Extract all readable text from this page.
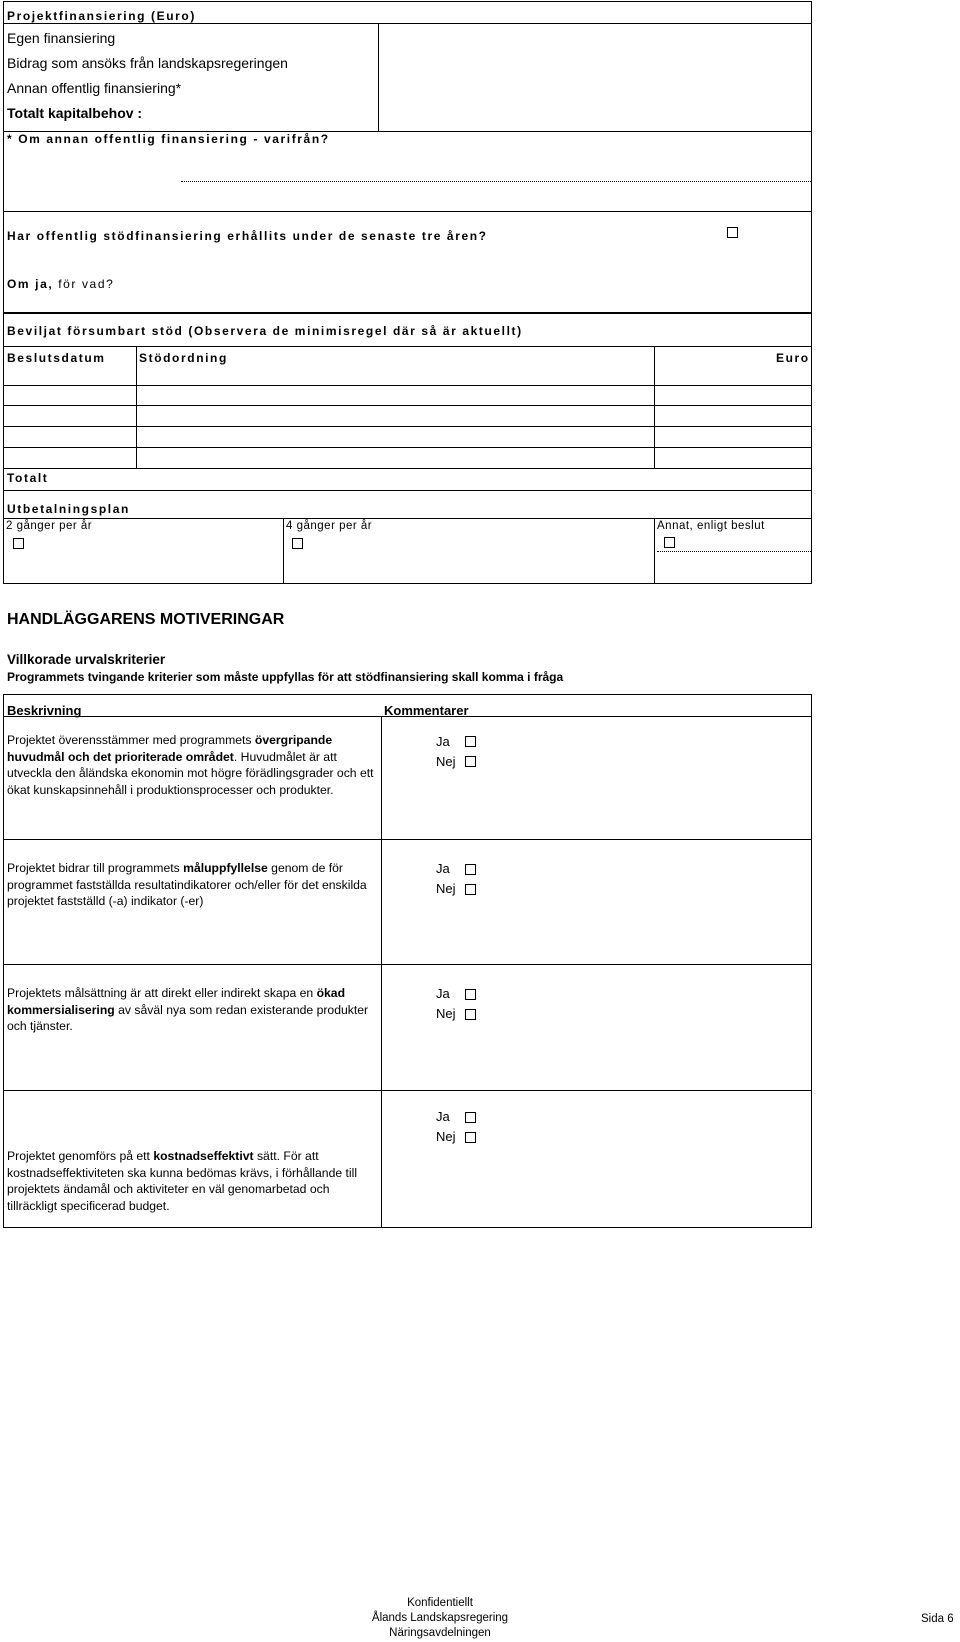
Projektfinansiering (Euro)
Egen finansiering
Bidrag som ansöks från landskapsregeringen
Annan offentlig finansiering*
Totalt kapitalbehov :
* Om annan offentlig finansiering - varifrån?
Har offentlig stödfinansiering erhållits under de senaste tre åren?
Om ja, för vad?
Beviljat försumbart stöd (Observera de minimisregel där så är aktuellt)
Beslutsdatum	Stödordning	Euro
Totalt
Utbetalningsplan
2 gånger per år	4 gånger per år	Annat, enligt beslut
HANDLÄGGARENS MOTIVERINGAR
Villkorade urvalskriterier
Programmets tvingande kriterier som måste uppfyllas för att stödfinansiering skall komma i fråga
Beskrivning	Kommentarer
Projektet överensstämmer med programmets övergripande huvudmål och det prioriterade området. Huvudmålet är att utveckla den åländska ekonomin mot högre förädlingsgrader och ett ökat kunskapsinnehåll i produktionsprocesser och produkter.
Ja
Nej
Projektet bidrar till programmets måluppfyllelse genom de för programmet fastställda resultatindikatorer och/eller för det enskilda projektet fastställd (-a) indikator (-er)
Ja
Nej
Projektets målsättning är att direkt eller indirekt skapa en ökad kommersialisering av såväl nya som redan existerande produkter och tjänster.
Ja
Nej
Projektet genomförs på ett kostnadseffektivt sätt. För att kostnadseffektiviteten ska kunna bedömas krävs, i förhållande till projektets ändamål och aktiviteter en väl genomarbetad och tillräckligt specificerad budget.
Ja
Nej
Konfidentiellt
Ålands Landskapsregering
Näringsavdelningen
Sida 6
